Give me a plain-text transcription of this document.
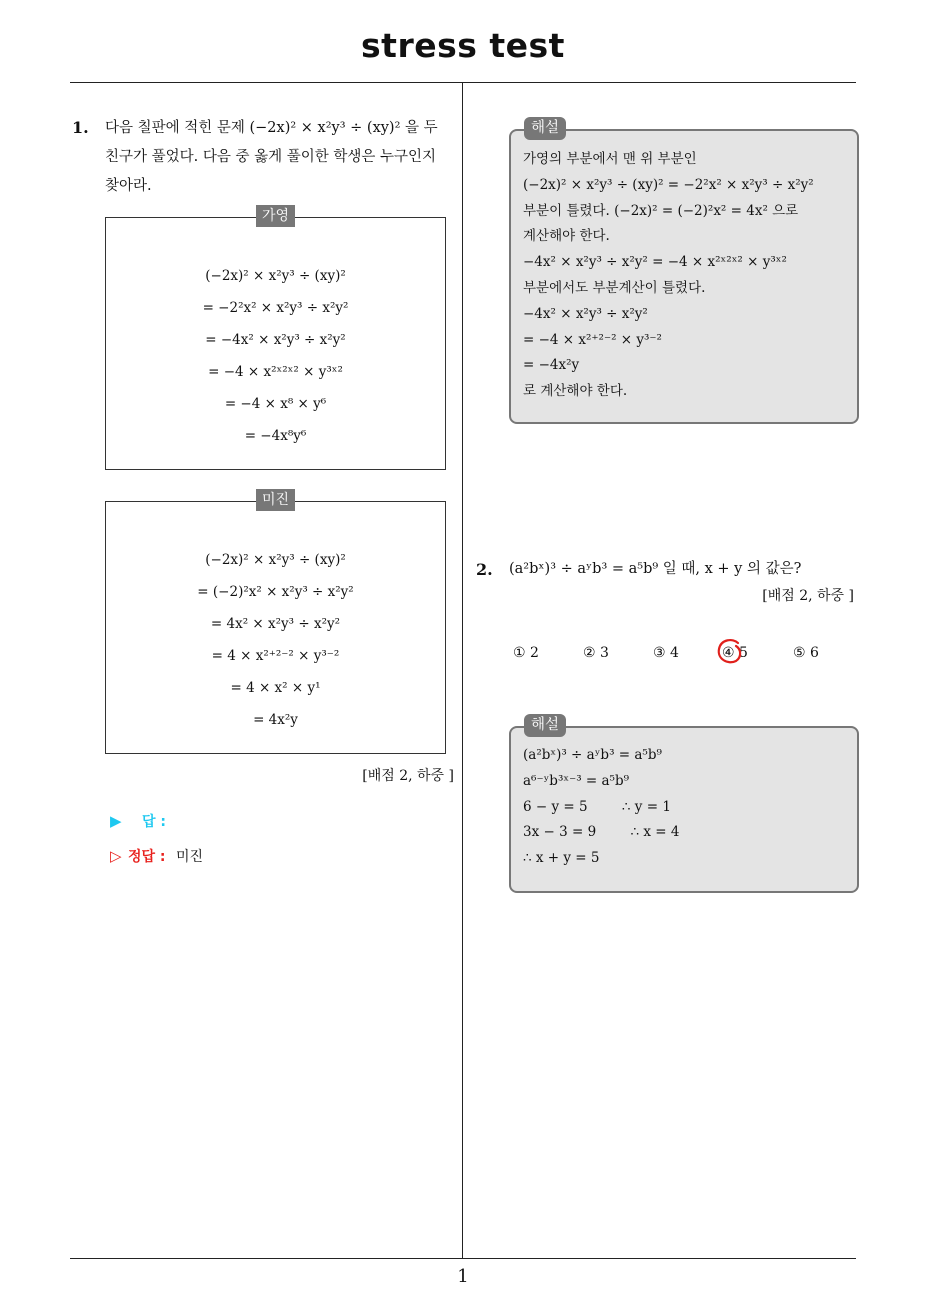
stress test
1. 다음 칠판에 적힌 문제 (−2x)² × x²y³ ÷ (xy)² 을 두
친구가 풀었다. 다음 중 옳게 풀이한 학생은 누구인지
찾아라.
(−2x)² × x²y³ ÷ (xy)²
= −2²x² × x²y³ ÷ x²y²
= −4x² × x²y³ ÷ x²y²
= −4 × x²ˣ²ˣ² × y³ˣ²
= −4 × x⁸ × y⁶
= −4x⁸y⁶
가영
(−2x)² × x²y³ ÷ (xy)²
= (−2)²x² × x²y³ ÷ x²y²
= 4x² × x²y³ ÷ x²y²
= 4 × x²⁺²⁻² × y³⁻²
= 4 × x² × y¹
= 4x²y
미진
[배점 2, 하중 ]
▶ 답 :
▷ 정답 : 미진
가영의 부분에서 맨 위 부분인
(−2x)² × x²y³ ÷ (xy)² = −2²x² × x²y³ ÷ x²y²
부분이 틀렸다. (−2x)² = (−2)²x² = 4x² 으로
계산해야 한다.
−4x² × x²y³ ÷ x²y² = −4 × x²ˣ²ˣ² × y³ˣ²
부분에서도 부분계산이 틀렸다.
−4x² × x²y³ ÷ x²y²
= −4 × x²⁺²⁻² × y³⁻²
= −4x²y
로 계산해야 한다.
해설
2. (a²bˣ)³ ÷ aʸb³ = a⁵b⁹ 일 때, x + y 의 값은?
[배점 2, 하중 ]
① 2	② 3	③ 4	④ 5	⑤ 6
(a²bˣ)³ ÷ aʸb³ = a⁵b⁹
a⁶⁻ʸb³ˣ⁻³ = a⁵b⁹
6 − y = 5        ∴ y = 1
3x − 3 = 9        ∴ x = 4
∴ x + y = 5
해설
1
